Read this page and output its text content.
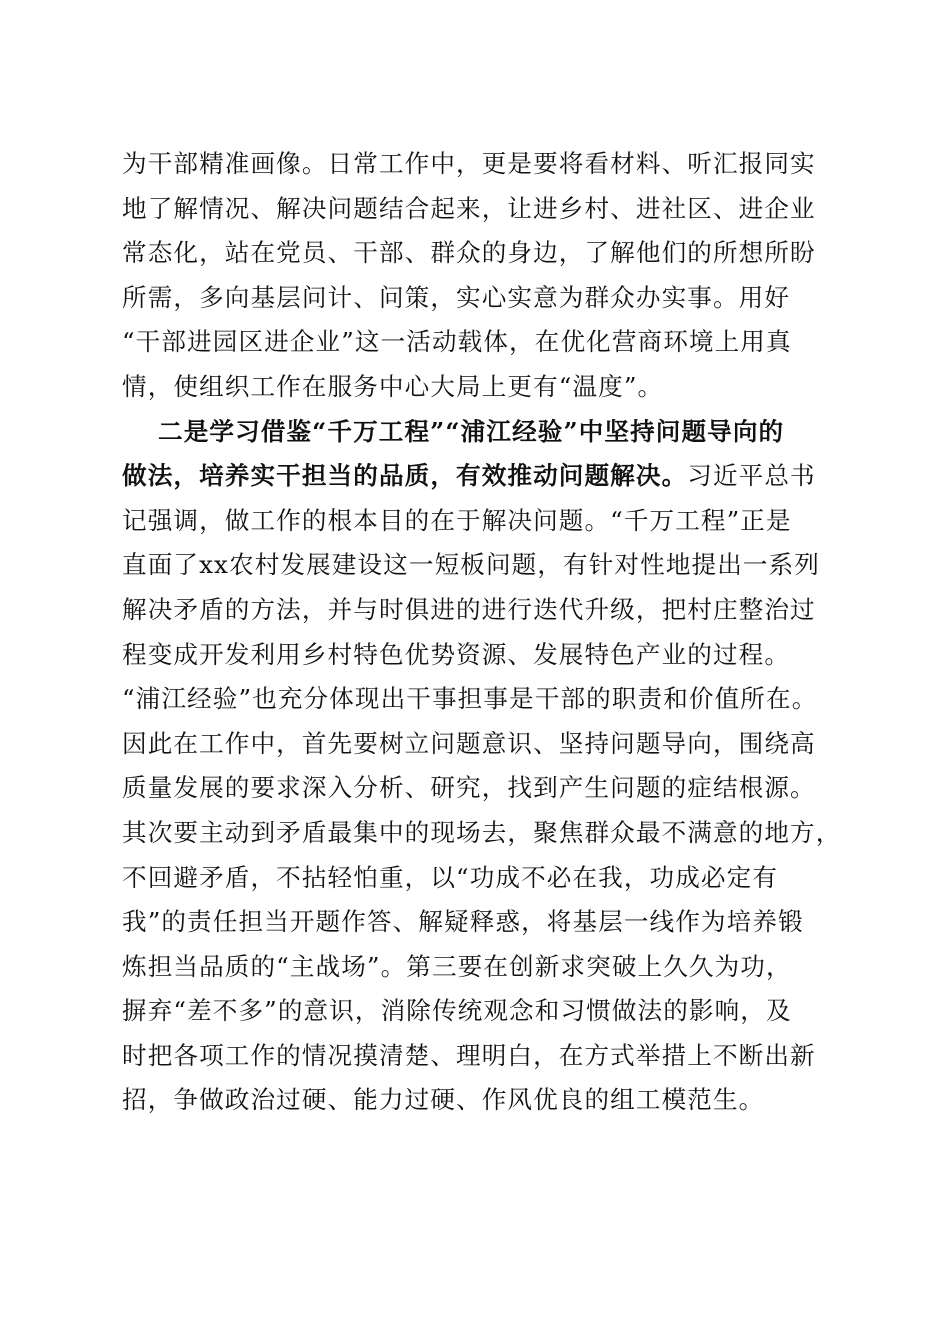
为干部精准画像。日常工作中，更是要将看材料、听汇报同实
地了解情况、解决问题结合起来，让进乡村、进社区、进企业
常态化，站在党员、干部、群众的身边，了解他们的所想所盼
所需，多向基层问计、问策，实心实意为群众办实事。用好
“干部进园区进企业”这一活动载体，在优化营商环境上用真
情，使组织工作在服务中心大局上更有“温度”。
二是学习借鉴“千万工程”“浦江经验”中坚持问题导向的
做法，培养实干担当的品质，有效推动问题解决。习近平总书
记强调，做工作的根本目的在于解决问题。“千万工程”正是
直面了xx农村发展建设这一短板问题，有针对性地提出一系列
解决矛盾的方法，并与时俱进的进行迭代升级，把村庄整治过
程变成开发利用乡村特色优势资源、发展特色产业的过程。
“浦江经验”也充分体现出干事担事是干部的职责和价值所在。
因此在工作中，首先要树立问题意识、坚持问题导向，围绕高
质量发展的要求深入分析、研究，找到产生问题的症结根源。
其次要主动到矛盾最集中的现场去，聚焦群众最不满意的地方，
不回避矛盾，不拈轻怕重，以“功成不必在我，功成必定有
我”的责任担当开题作答、解疑释惑，将基层一线作为培养锻
炼担当品质的“主战场”。第三要在创新求突破上久久为功，
摒弃“差不多”的意识，消除传统观念和习惯做法的影响，及
时把各项工作的情况摸清楚、理明白，在方式举措上不断出新
招，争做政治过硬、能力过硬、作风优良的组工模范生。
